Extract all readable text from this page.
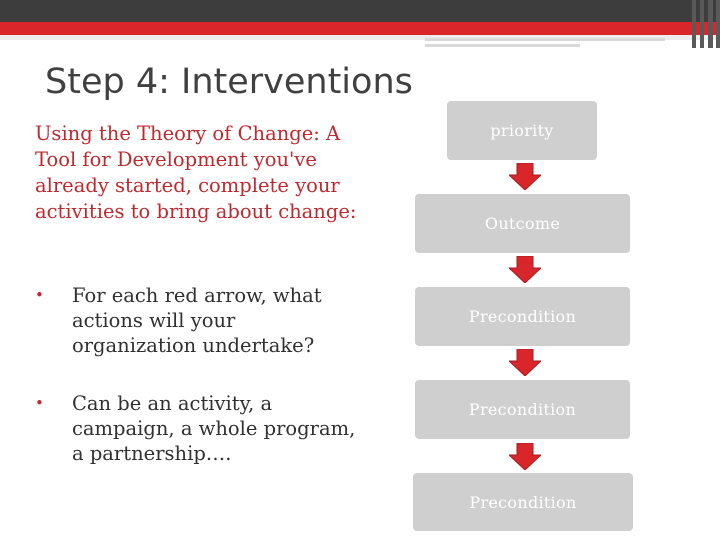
Step 4: Interventions

Using the Theory of Change: A Tool for Development you've already started, complete your activities to bring about change:

• For each red arrow, what actions will your organization undertake?
• Can be an activity, a campaign, a whole program, a partnership….
priority
Outcome
Precondition
Precondition
Precondition
